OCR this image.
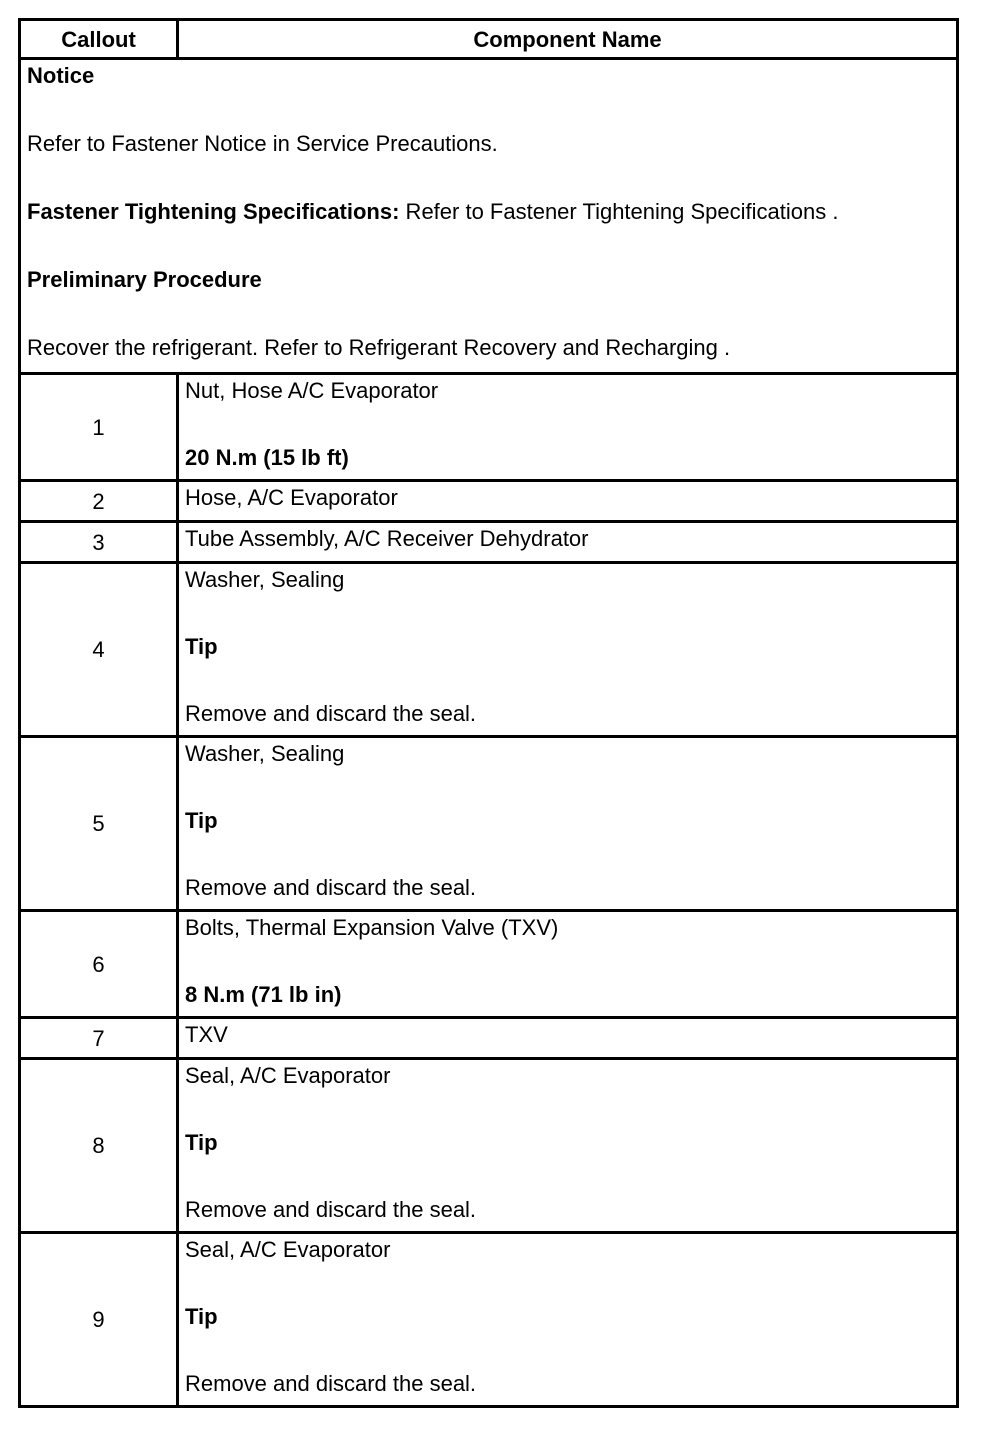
Callout	Component Name

Notice

Refer to Fastener Notice in Service Precautions.

Fastener Tightening Specifications: Refer to Fastener Tightening Specifications .

Preliminary Procedure

Recover the refrigerant. Refer to Refrigerant Recovery and Recharging .	

1	Nut, Hose A/C Evaporator

20 N.m (15 lb ft)

2	Hose, A/C Evaporator

3	Tube Assembly, A/C Receiver Dehydrator

4	Washer, Sealing

Tip

Remove and discard the seal.

5	Washer, Sealing

Tip

Remove and discard the seal.

6	Bolts, Thermal Expansion Valve (TXV)

8 N.m (71 lb in)

7	TXV

8	Seal, A/C Evaporator

Tip

Remove and discard the seal.

9	Seal, A/C Evaporator

Tip

Remove and discard the seal.
